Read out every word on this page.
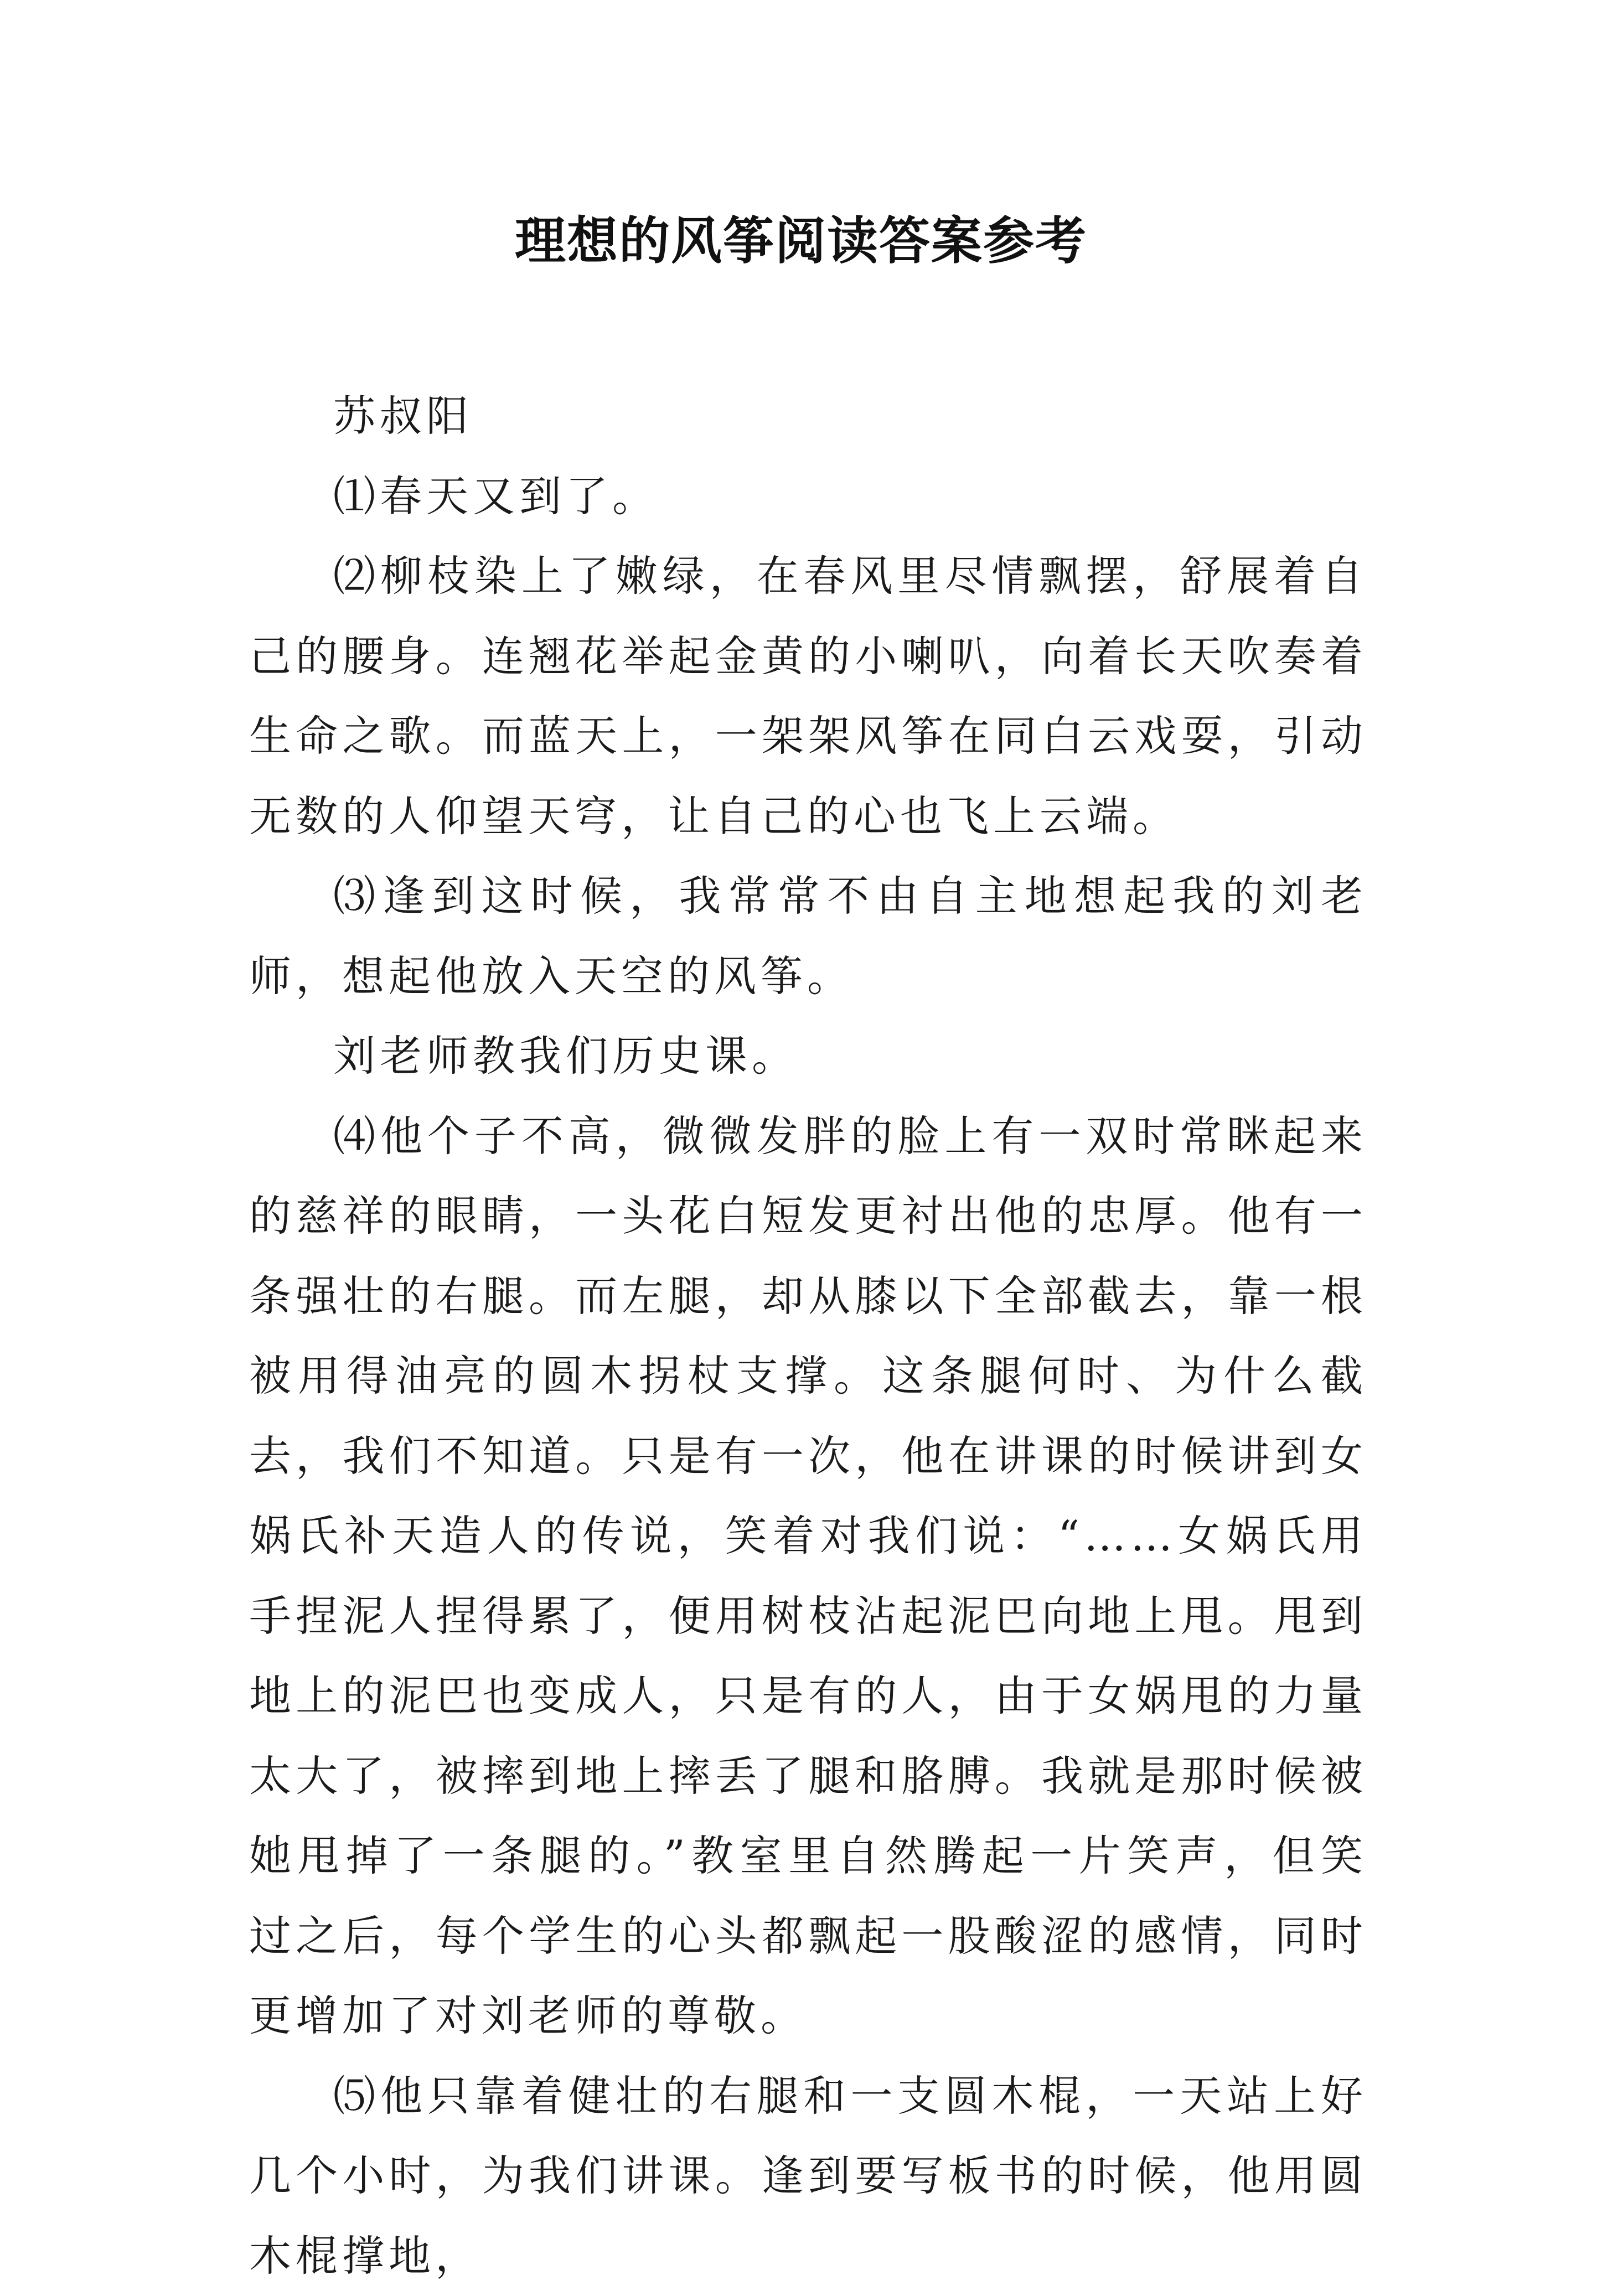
理想的风筝阅读答案参考

苏叔阳

⑴春天又到了。

⑵柳枝染上了嫩绿，在春风里尽情飘摆，舒展着自己的腰身。连翘花举起金黄的小喇叭，向着长天吹奏着生命之歌。而蓝天上，一架架风筝在同白云戏耍，引动无数的人仰望天穹，让自己的心也飞上云端。

⑶逢到这时候，我常常不由自主地想起我的刘老师，想起他放入天空的风筝。

刘老师教我们历史课。

⑷他个子不高，微微发胖的脸上有一双时常眯起来的慈祥的眼睛，一头花白短发更衬出他的忠厚。他有一条强壮的右腿。而左腿，却从膝以下全部截去，靠一根被用得油亮的圆木拐杖支撑。这条腿何时、为什么截去，我们不知道。只是有一次，他在讲课的时候讲到女娲氏补天造人的传说，笑着对我们说：“……女娲氏用手捏泥人捏得累了，便用树枝沾起泥巴向地上甩。甩到地上的泥巴也变成人，只是有的人，由于女娲甩的力量太大了，被摔到地上摔丢了腿和胳膊。我就是那时候被她甩掉了一条腿的。”教室里自然腾起一片笑声，但笑过之后，每个学生的心头都飘起一股酸涩的感情，同时更增加了对刘老师的尊敬。

⑸他只靠着健壮的右腿和一支圆木棍，一天站上好几个小时，为我们讲课。逢到要写板书的时候，他用圆木棍撑地，
